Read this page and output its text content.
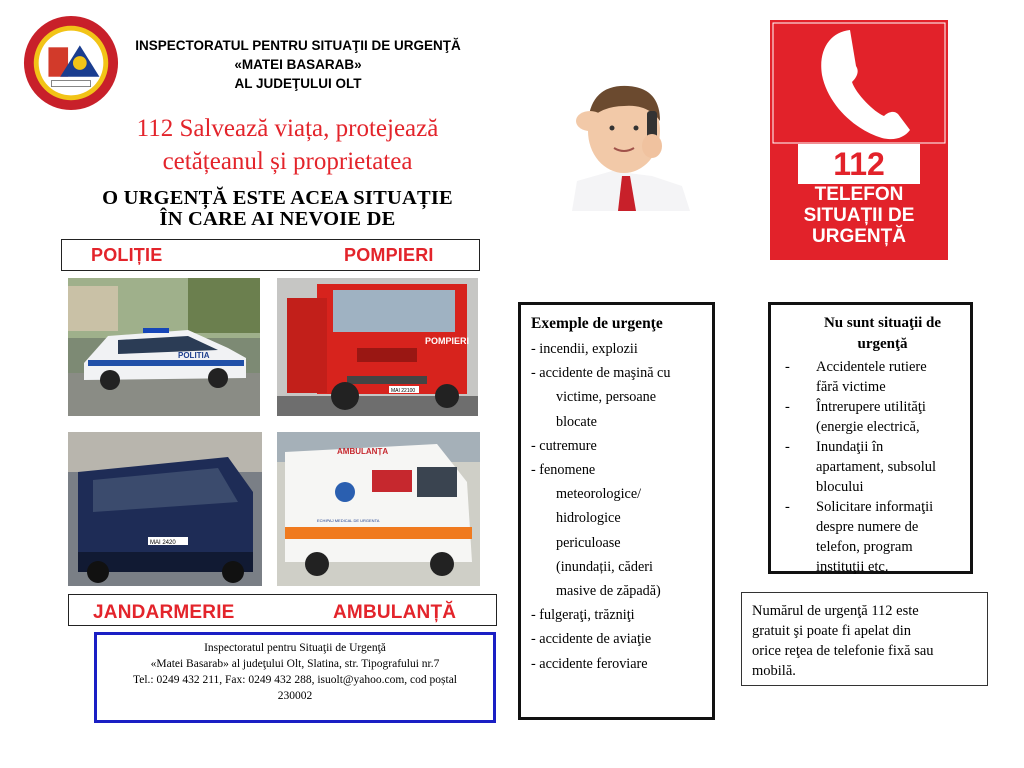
INSPECTORATUL PENTRU SITUAŢII DE URGENŢĂ
«MATEI BASARAB»
AL JUDEŢULUI OLT
112 Salvează viața, protejează
cetățeanul și proprietatea
O URGENȚĂ ESTE ACEA SITUAȚIE
ÎN CARE AI NEVOIE DE
POLIȚIE	POMPIERI
POLITIA
POMPIERI
MAI 22100
MAI 2420
AMBULANȚA
ECHIPAJ MEDICAL DE URGENTA
JANDARMERIE	AMBULANȚĂ
Inspectoratul pentru Situaţii de Urgenţă
«Matei Basarab» al judeţului Olt, Slatina, str. Tipografului nr.7
Tel.: 0249 432 211, Fax: 0249 432 288, isuolt@yahoo.com, cod poștal
230002
112
TELEFON
SITUAȚII DE
URGENȚĂ
Exemple de urgenţe
- incendii, explozii
- accidente de maşină cu
victime, persoane
blocate
- cutremure
- fenomene
meteorologice/
hidrologice
periculoase
(inundații, căderi
masive de zăpadă)
- fulgeraţi, trăzniţi
- accidente de aviaţie
- accidente feroviare
Nu sunt situaţii de
urgenţă
- Accidentele rutiere
fără victime
- Întrerupere utilităţi
(energie electrică,
- Inundaţii în
apartament, subsolul
blocului
- Solicitare informaţii
despre numere de
telefon, program
instituţii etc.
Numărul de urgenţă 112 este
gratuit şi poate fi apelat din
orice reţea de telefonie fixă sau
mobilă.
